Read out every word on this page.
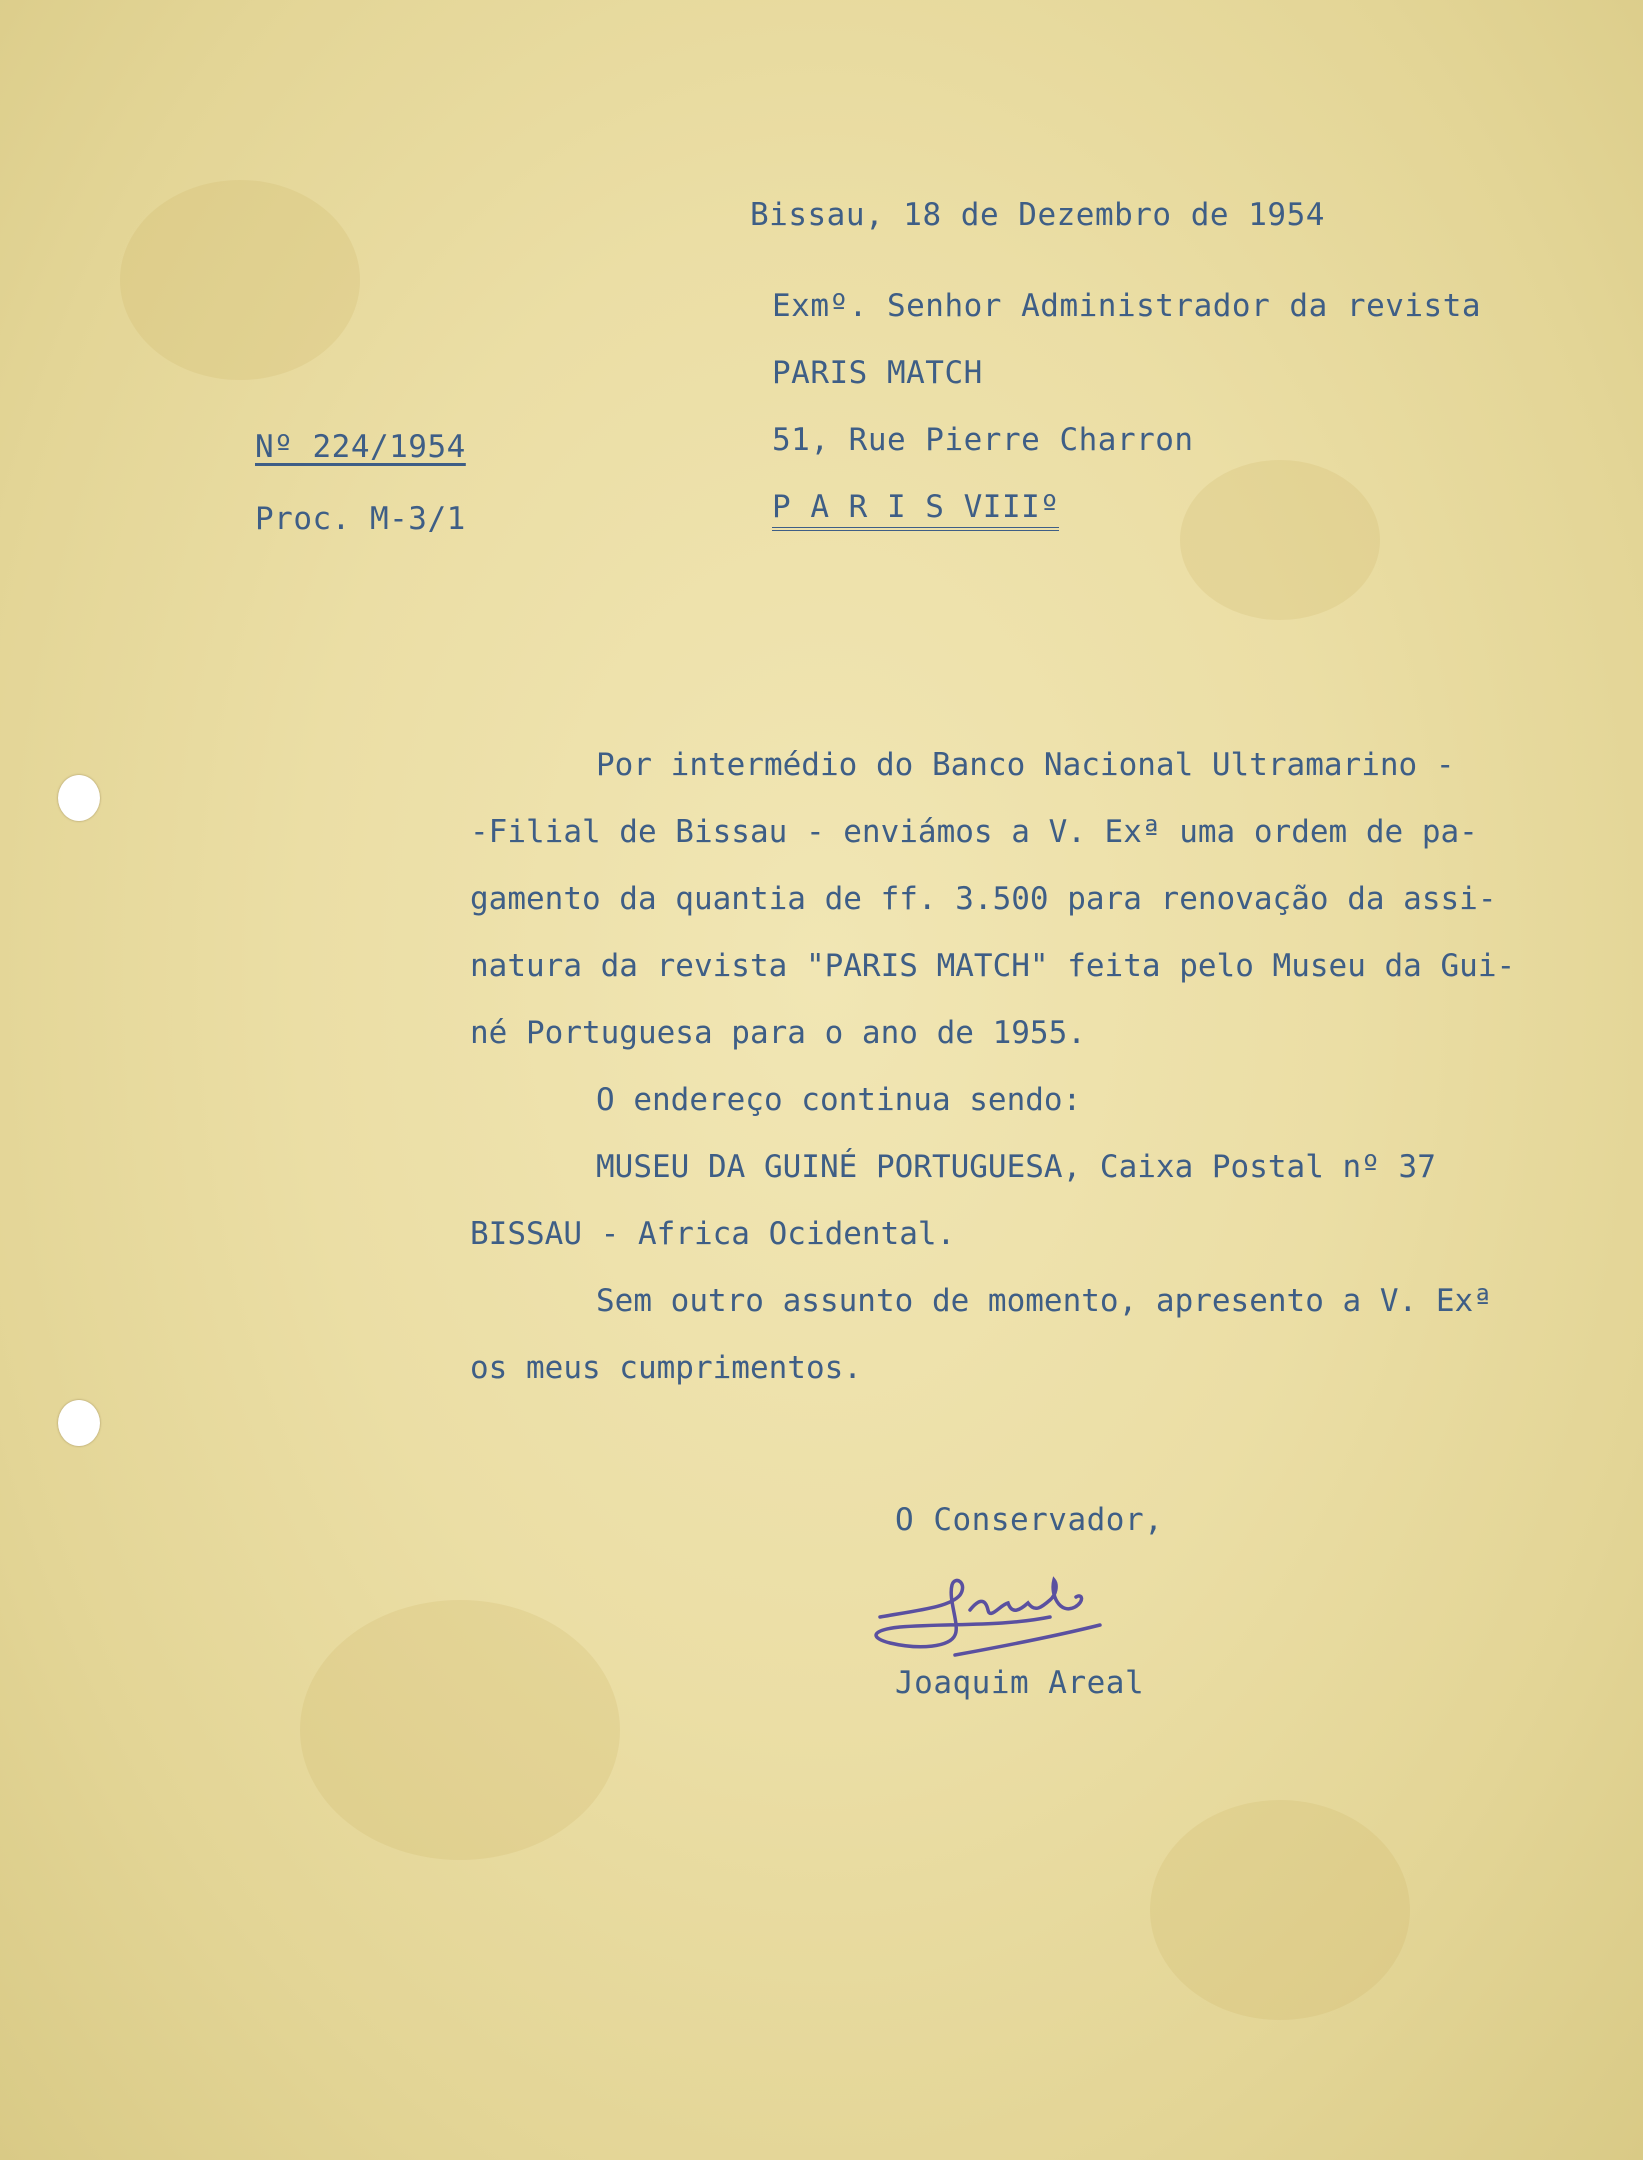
Bissau, 18 de Dezembro de 1954
Exmº. Senhor Administrador da revista
PARIS MATCH
51, Rue Pierre Charron
P A R I S VIIIº
Nº 224/1954
Proc. M-3/1
Por intermédio do Banco Nacional Ultramarino -
-Filial de Bissau - enviámos a V. Exª uma ordem de pa-
gamento da quantia de ff. 3.500 para renovação da assi-
natura da revista "PARIS MATCH" feita pelo Museu da Gui-
né Portuguesa para o ano de 1955.
O endereço continua sendo:
MUSEU DA GUINÉ PORTUGUESA, Caixa Postal nº 37
BISSAU - Africa Ocidental.
Sem outro assunto de momento, apresento a V. Exª
os meus cumprimentos.
O Conservador,
Joaquim Areal
